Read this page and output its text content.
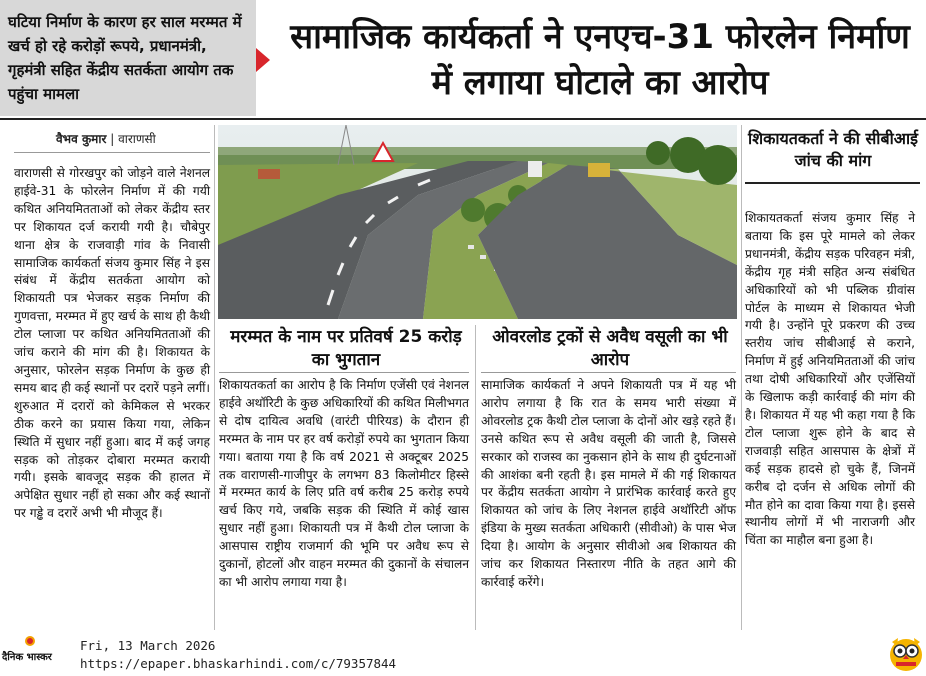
घटिया निर्माण के कारण हर साल मरम्मत में खर्च हो रहे करोड़ों रूपये, प्रधानमंत्री, गृहमंत्री सहित केंद्रीय सतर्कता आयोग तक पहुंचा मामला
सामाजिक कार्यकर्ता ने एनएच-31 फोरलेन निर्माण में लगाया घोटाले का आरोप
वैभव कुमार | वाराणसी
वाराणसी से गोरखपुर को जोड़ने वाले नेशनल हाईवे-31 के फोरलेन निर्माण में की गयी कथित अनियमितताओं को लेकर केंद्रीय स्तर पर शिकायत दर्ज करायी गयी है। चौबेपुर थाना क्षेत्र के राजवाड़ी गांव के निवासी सामाजिक कार्यकर्ता संजय कुमार सिंह ने इस संबंध में केंद्रीय सतर्कता आयोग को शिकायती पत्र भेजकर सड़क निर्माण की गुणवत्ता, मरम्मत में हुए खर्च के साथ ही कैथी टोल प्लाजा पर कथित अनियमितताओं की जांच कराने की मांग की है। शिकायत के अनुसार, फोरलेन सड़क निर्माण के कुछ ही समय बाद ही कई स्थानों पर दरारें पड़ने लगीं। शुरुआत में दरारों को केमिकल से भरकर ठीक करने का प्रयास किया गया, लेकिन स्थिति में सुधार नहीं हुआ। बाद में कई जगह सड़क को तोड़कर दोबारा मरम्मत करायी गयी। इसके बावजूद सड़क की हालत में अपेक्षित सुधार नहीं हो सका और कई स्थानों पर गड्ढे व दरारें अभी भी मौजूद हैं।
मरम्मत के नाम पर प्रतिवर्ष 25 करोड़ का भुगतान
ओवरलोड ट्रकों से अवैध वसूली का भी आरोप
शिकायतकर्ता का आरोप है कि निर्माण एजेंसी एवं नेशनल हाईवे अथॉरिटी के कुछ अधिकारियों की कथित मिलीभगत से दोष दायित्व अवधि (वारंटी पीरियड) के दौरान ही मरम्मत के नाम पर हर वर्ष करोड़ों रुपये का भुगतान किया गया। बताया गया है कि वर्ष 2021 से अक्टूबर 2025 तक वाराणसी-गाजीपुर के लगभग 83 किलोमीटर हिस्से में मरम्मत कार्य के लिए प्रति वर्ष करीब 25 करोड़ रुपये खर्च किए गये, जबकि सड़क की स्थिति में कोई खास सुधार नहीं हुआ। शिकायती पत्र में कैथी टोल प्लाजा के आसपास राष्ट्रीय राजमार्ग की भूमि पर अवैध रूप से दुकानों, होटलों और वाहन मरम्मत की दुकानों के संचालन का भी आरोप लगाया गया है।
सामाजिक कार्यकर्ता ने अपने शिकायती पत्र में यह भी आरोप लगाया है कि रात के समय भारी संख्या में ओवरलोड ट्रक कैथी टोल प्लाजा के दोनों ओर खड़े रहते हैं। उनसे कथित रूप से अवैध वसूली की जाती है, जिससे सरकार को राजस्व का नुकसान होने के साथ ही दुर्घटनाओं की आशंका बनी रहती है। इस मामले में की गई शिकायत पर केंद्रीय सतर्कता आयोग ने प्रारंभिक कार्रवाई करते हुए शिकायत को जांच के लिए नेशनल हाईवे अथॉरिटी ऑफ इंडिया के मुख्य सतर्कता अधिकारी (सीवीओ) के पास भेज दिया है। आयोग के अनुसार सीवीओ अब शिकायत की जांच कर शिकायत निस्तारण नीति के तहत आगे की कार्रवाई करेंगे।
शिकायतकर्ता ने की सीबीआई जांच की मांग
शिकायतकर्ता संजय कुमार सिंह ने बताया कि इस पूरे मामले को लेकर प्रधानमंत्री, केंद्रीय सड़क परिवहन मंत्री, केंद्रीय गृह मंत्री सहित अन्य संबंधित अधिकारियों को भी पब्लिक ग्रीवांस पोर्टल के माध्यम से शिकायत भेजी गयी है। उन्होंने पूरे प्रकरण की उच्च स्तरीय जांच सीबीआई से कराने, निर्माण में हुई अनियमितताओं की जांच तथा दोषी अधिकारियों और एजेंसियों के खिलाफ कड़ी कार्रवाई की मांग की है। शिकायत में यह भी कहा गया है कि टोल प्लाजा शुरू होने के बाद से राजवाड़ी सहित आसपास के क्षेत्रों में कई सड़क हादसे हो चुके हैं, जिनमें करीब दो दर्जन से अधिक लोगों की मौत होने का दावा किया गया है। इससे स्थानीय लोगों में भी नाराजगी और चिंता का माहौल बना हुआ है।
दैनिक भास्कर
Fri, 13 March 2026
https://epaper.bhaskarhindi.com/c/79357844
